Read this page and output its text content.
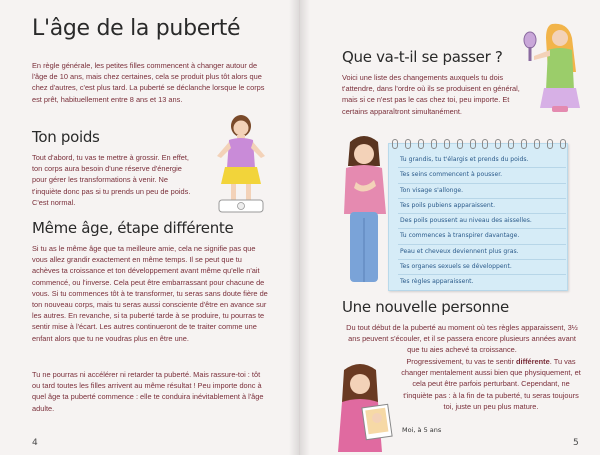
L'âge de la puberté
En règle générale, les petites filles commencent à changer autour de l'âge de 10 ans, mais chez certaines, cela se produit plus tôt alors que chez d'autres, c'est plus tard. La puberté se déclanche lorsque le corps est prêt, habituellement entre 8 ans et 13 ans.
Ton poids
Tout d'abord, tu vas te mettre à grossir. En effet, ton corps aura besoin d'une réserve d'énergie pour gérer les transformations à venir. Ne t'inquiète donc pas si tu prends un peu de poids. C'est normal.
Même âge, étape différente
Si tu as le même âge que ta meilleure amie, cela ne signifie pas que vous allez grandir exactement en même temps. Il se peut que tu achèves ta croissance et ton développement avant même qu'elle n'ait commencé, ou l'inverse. Cela peut être embarrassant pour chacune de vous. Si tu commences tôt à te transformer, tu seras sans doute fière de ton nouveau corps, mais tu seras aussi consciente d'être en avance sur les autres. En revanche, si ta puberté tarde à se produire, tu pourras te sentir mise à l'écart. Les autres continueront de te traiter comme une enfant alors que tu ne voudras plus en être une.
Tu ne pourras ni accélérer ni retarder ta puberté. Mais rassure-toi : tôt ou tard toutes les filles arrivent au même résultat ! Peu importe donc à quel âge ta puberté commence : elle te conduira inévitablement à l'âge adulte.
4
Que va-t-il se passer ?
Voici une liste des changements auxquels tu dois t'attendre, dans l'ordre où ils se produisent en général, mais si ce n'est pas le cas chez toi, peu importe. Et certains apparaîtront simultanément.
Tu grandis, tu t'élargis et prends du poids.
Tes seins commencent à pousser.
Ton visage s'allonge.
Tes poils pubiens apparaissent.
Des poils poussent au niveau des aisselles.
Tu commences à transpirer davantage.
Peau et cheveux deviennent plus gras.
Tes organes sexuels se développent.
Tes règles apparaissent.
Une nouvelle personne
Du tout début de la puberté au moment où tes règles apparaissent, 3½ ans peuvent s'écouler, et il se passera encore plusieurs années avant que tu aies achevé ta croissance.
Progressivement, tu vas te sentir différente. Tu vas changer mentalement aussi bien que physiquement, et cela peut être parfois perturbant. Cependant, ne t'inquiète pas : à la fin de ta puberté, tu seras toujours toi, juste un peu plus mature.
Moi, à 5 ans
5
